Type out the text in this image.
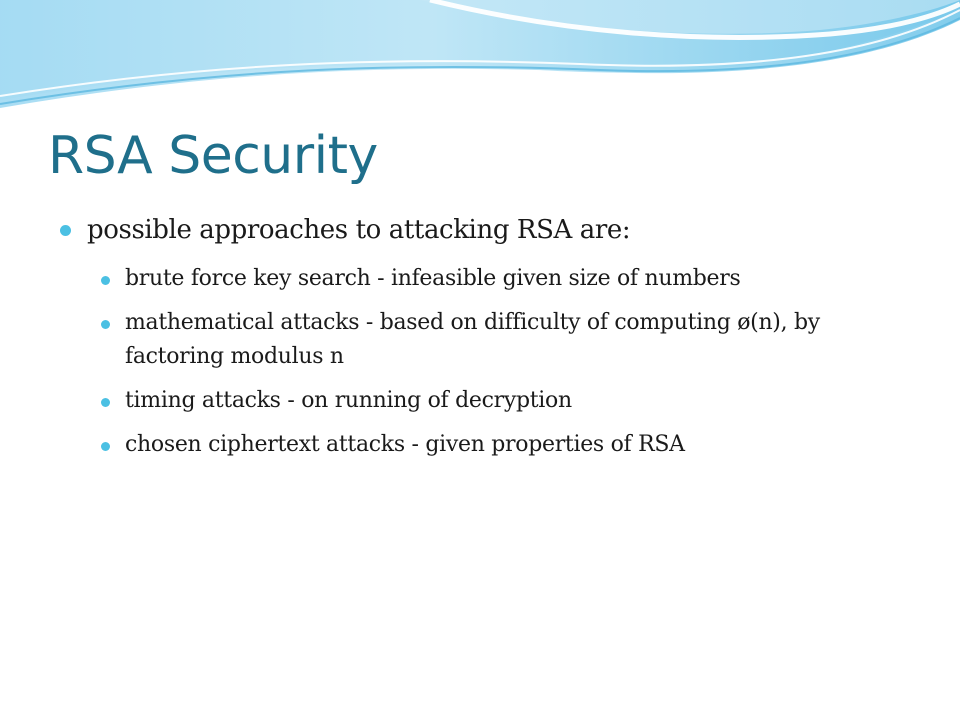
RSA Security
possible approaches to attacking RSA are:
brute force key search - infeasible given size of numbers
mathematical attacks - based on difficulty of computing ø(n), by factoring modulus n
timing attacks - on running of decryption
chosen ciphertext attacks - given properties of RSA
